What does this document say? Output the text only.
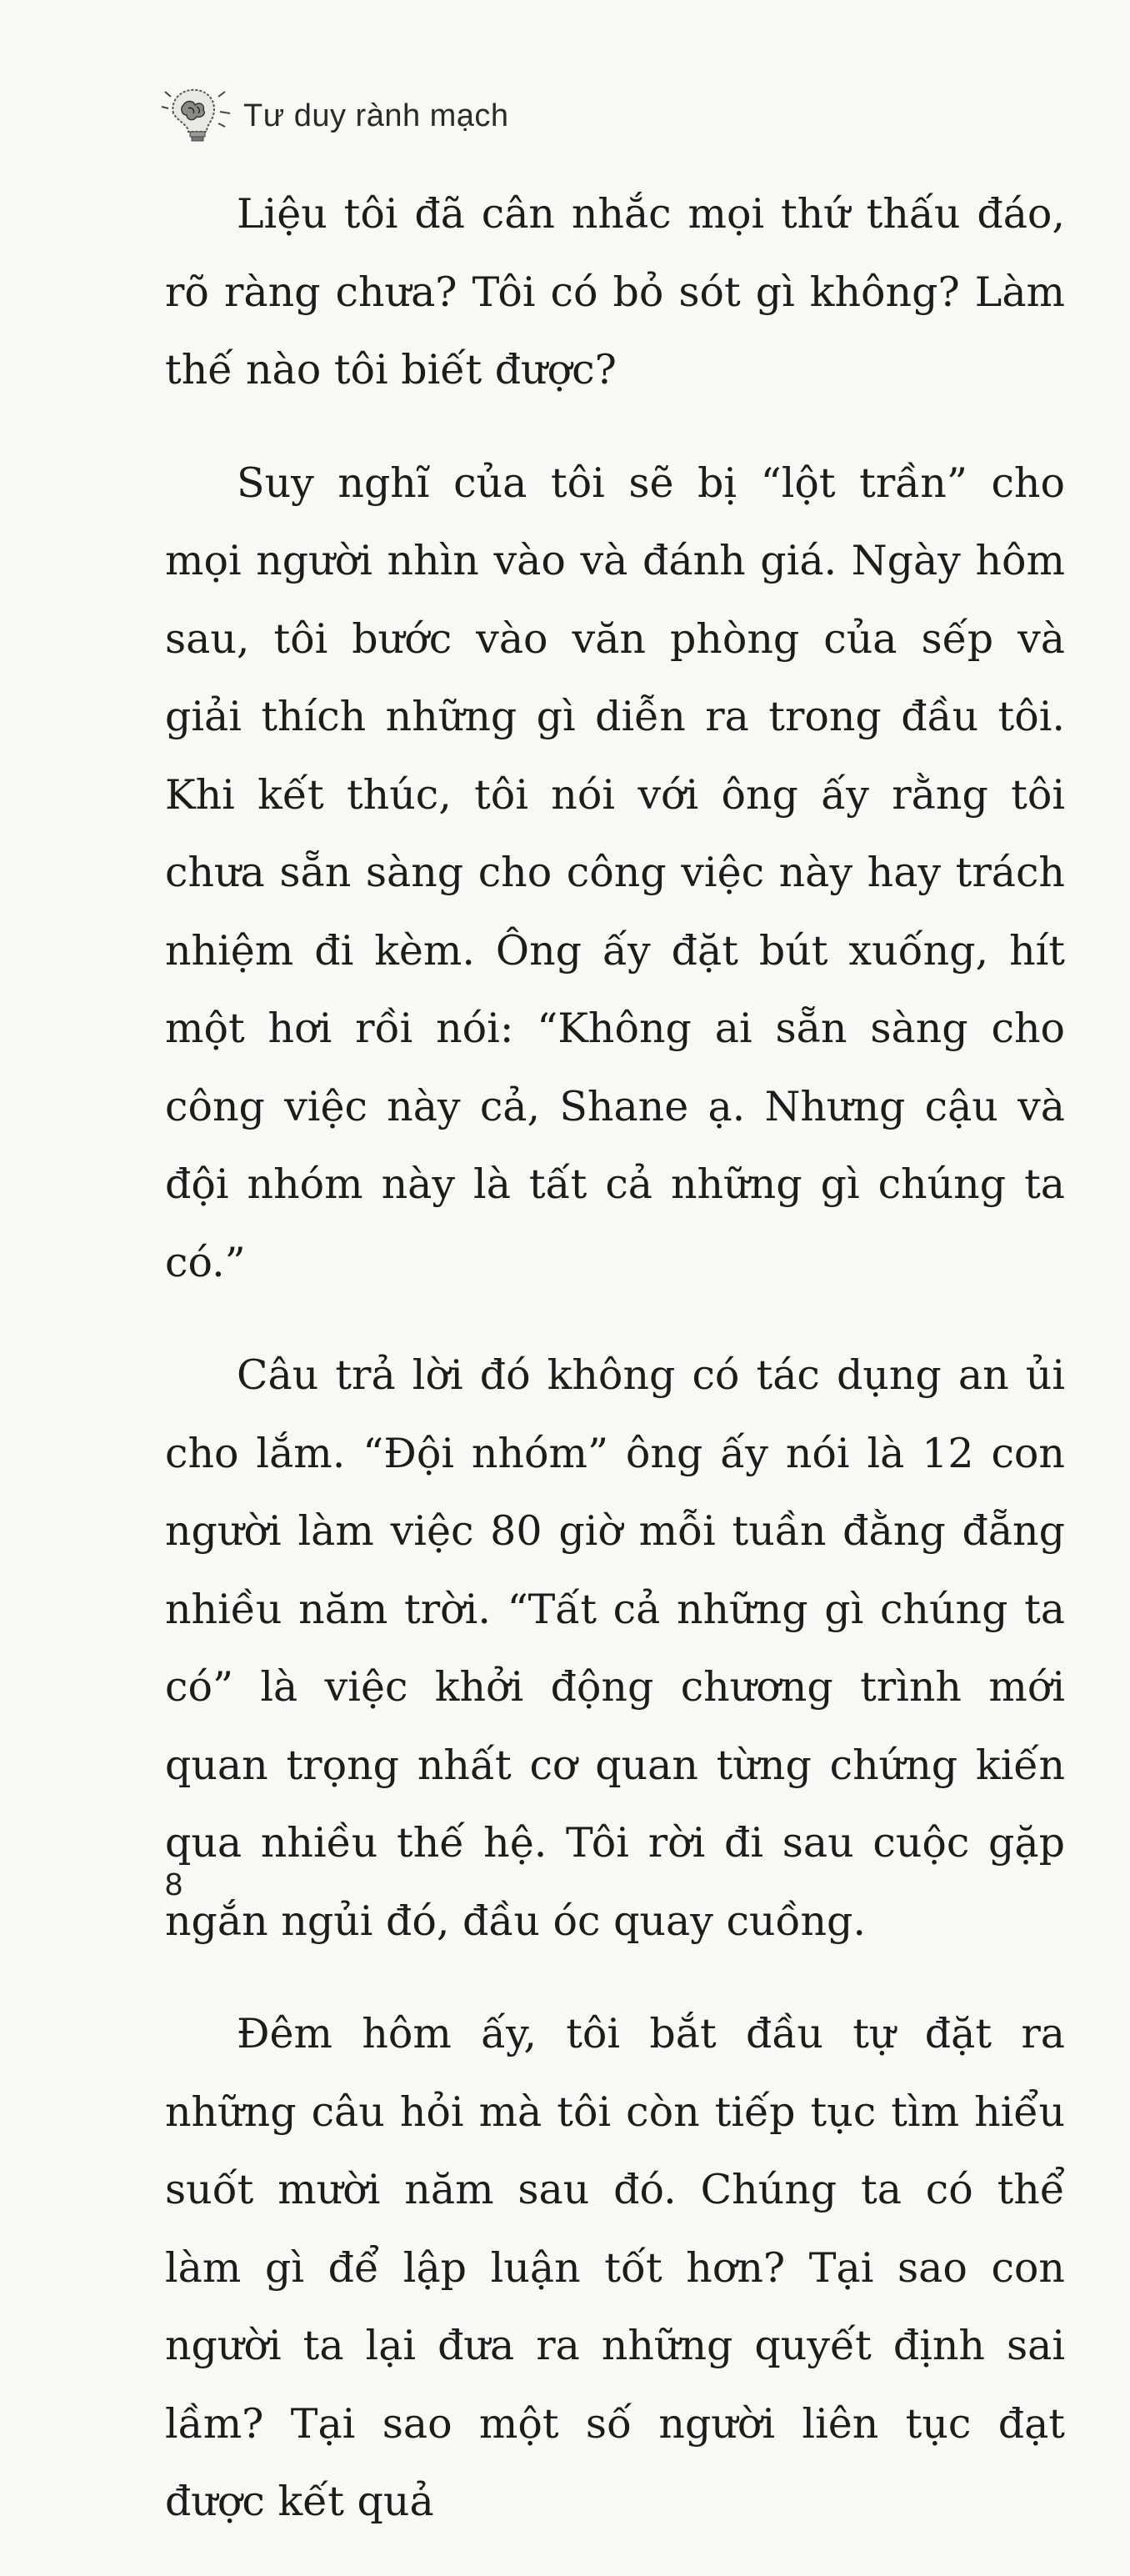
Tư duy rành mạch

Liệu tôi đã cân nhắc mọi thứ thấu đáo, rõ ràng chưa? Tôi có bỏ sót gì không? Làm thế nào tôi biết được?

Suy nghĩ của tôi sẽ bị “lột trần” cho mọi người nhìn vào và đánh giá. Ngày hôm sau, tôi bước vào văn phòng của sếp và giải thích những gì diễn ra trong đầu tôi. Khi kết thúc, tôi nói với ông ấy rằng tôi chưa sẵn sàng cho công việc này hay trách nhiệm đi kèm. Ông ấy đặt bút xuống, hít một hơi rồi nói: “Không ai sẵn sàng cho công việc này cả, Shane ạ. Nhưng cậu và đội nhóm này là tất cả những gì chúng ta có.”

Câu trả lời đó không có tác dụng an ủi cho lắm. “Đội nhóm” ông ấy nói là 12 con người làm việc 80 giờ mỗi tuần đằng đẵng nhiều năm trời. “Tất cả những gì chúng ta có” là việc khởi động chương trình mới quan trọng nhất cơ quan từng chứng kiến qua nhiều thế hệ. Tôi rời đi sau cuộc gặp ngắn ngủi đó, đầu óc quay cuồng.

Đêm hôm ấy, tôi bắt đầu tự đặt ra những câu hỏi mà tôi còn tiếp tục tìm hiểu suốt mười năm sau đó. Chúng ta có thể làm gì để lập luận tốt hơn? Tại sao con người ta lại đưa ra những quyết định sai lầm? Tại sao một số người liên tục đạt được kết quả

8
